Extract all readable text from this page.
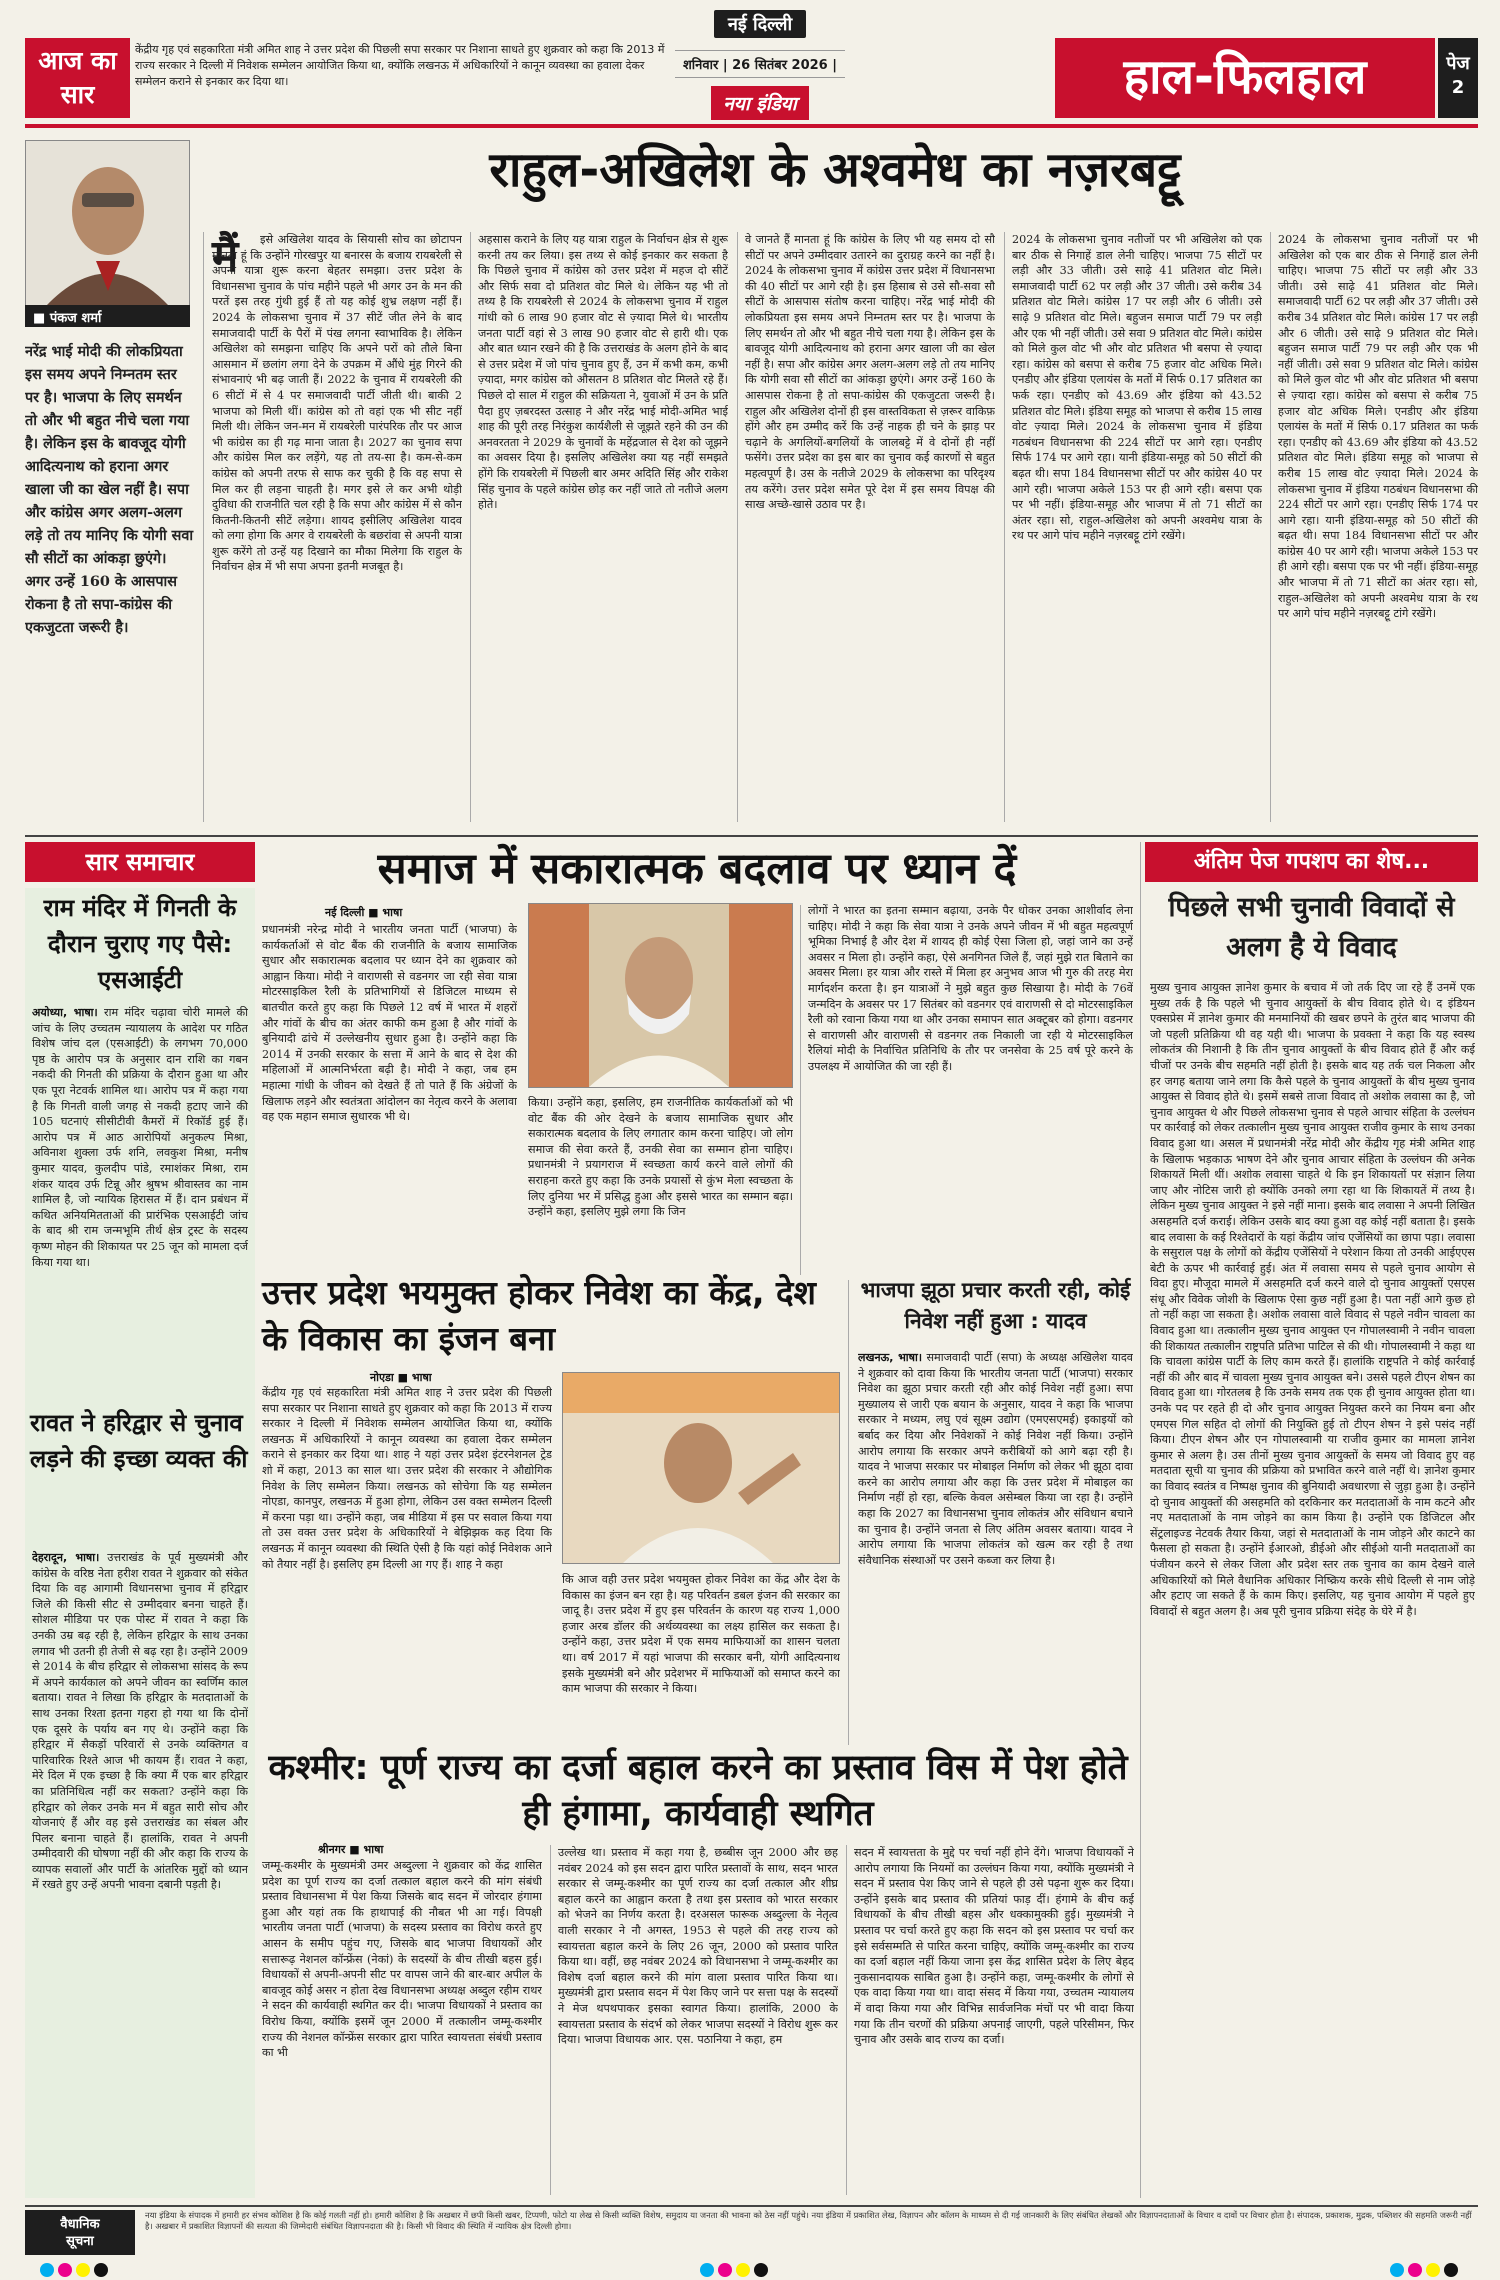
आज का
सार
केंद्रीय गृह एवं सहकारिता मंत्री अमित शाह ने उत्तर प्रदेश की पिछली सपा सरकार पर निशाना साधते हुए शुक्रवार को कहा कि 2013 में राज्य सरकार ने दिल्ली में निवेशक सम्मेलन आयोजित किया था, क्योंकि लखनऊ में अधिकारियों ने कानून व्यवस्था का हवाला देकर सम्मेलन कराने से इनकार कर दिया था।
नई दिल्ली
शनिवार | 26 सितंबर 2026 |
नया इंडिया	हाल-फिलहाल	पेज
2
राहुल-अखिलेश के अश्वमेध का नज़रबट्टू
■ पंकज शर्मा
नरेंद्र भाई मोदी की लोकप्रियता इस समय अपने निम्नतम स्तर पर है। भाजपा के लिए समर्थन तो और भी बहुत नीचे चला गया है। लेकिन इस के बावजूद योगी आदित्यनाथ को हराना अगर खाला जी का खेल नहीं है। सपा और कांग्रेस अगर अलग-अलग लड़े तो तय मानिए कि योगी सवा सौ सीटों का आंकड़ा छुएंगे। अगर उन्हें 160 के आसपास रोकना है तो सपा-कांग्रेस की एकजुटता जरूरी है।
मैं	इसे अखिलेश यादव के सियासी सोच का छोटापन मानता हूं कि उन्होंने गोरखपुर या बनारस के बजाय रायबरेली से अपनी यात्रा शुरू करना बेहतर समझा। उत्तर प्रदेश के विधानसभा चुनाव के पांच महीने पहले भी अगर उन के मन की परतें इस तरह गुंथी हुई हैं तो यह कोई शुभ्र लक्षण नहीं हैं। 2024 के लोकसभा चुनाव में 37 सीटें जीत लेने के बाद समाजवादी पार्टी के पैरों में पंख लगना स्वाभाविक है। लेकिन अखिलेश को समझना चाहिए कि अपने परों को तौले बिना आसमान में छलांग लगा देने के उपक्रम में औंधे मुंह गिरने की संभावनाएं भी बढ़ जाती हैं। 2022 के चुनाव में रायबरेली की 6 सीटों में से 4 पर समाजवादी पार्टी जीती थी। बाकी 2 भाजपा को मिली थीं। कांग्रेस को तो वहां एक भी सीट नहीं मिली थी। लेकिन जन-मन में रायबरेली पारंपरिक तौर पर आज भी कांग्रेस का ही गढ़ माना जाता है। 2027 का चुनाव सपा और कांग्रेस मिल कर लड़ेंगे, यह तो तय-सा है। कम-से-कम कांग्रेस को अपनी तरफ से साफ कर चुकी है कि वह सपा से मिल कर ही लड़ना चाहती है। मगर इसे ले कर अभी थोड़ी दुविधा की राजनीति चल रही है कि सपा और कांग्रेस में से कौन कितनी-कितनी सीटें लड़ेगा। शायद इसीलिए अखिलेश यादव को लगा होगा कि अगर वे रायबरेली के बछरांवा से अपनी यात्रा शुरू करेंगे तो उन्हें यह दिखाने का मौका मिलेगा कि राहुल के निर्वाचन क्षेत्र में भी सपा अपना इतनी मजबूत है।
अहसास कराने के लिए यह यात्रा राहुल के निर्वाचन क्षेत्र से शुरू करनी तय कर लिया। इस तथ्य से कोई इनकार कर सकता है कि पिछले चुनाव में कांग्रेस को उत्तर प्रदेश में महज दो सीटें और सिर्फ सवा दो प्रतिशत वोट मिले थे। लेकिन यह भी तो तथ्य है कि रायबरेली से 2024 के लोकसभा चुनाव में राहुल गांधी को 6 लाख 90 हजार वोट से ज़्यादा मिले थे। भारतीय जनता पार्टी वहां से 3 लाख 90 हजार वोट से हारी थी। एक और बात ध्यान रखने की है कि उत्तराखंड के अलग होने के बाद से उत्तर प्रदेश में जो पांच चुनाव हुए हैं, उन में कभी कम, कभी ज़्यादा, मगर कांग्रेस को औसतन 8 प्रतिशत वोट मिलते रहे हैं। पिछले दो साल में राहुल की सक्रियता ने, युवाओं में उन के प्रति पैदा हुए ज़बरदस्त उत्साह ने और नरेंद्र भाई मोदी-अमित भाई शाह की पूरी तरह निरंकुश कार्यशैली से जूझते रहने की उन की अनवरतता ने 2029 के चुनावों के महेंद्रजाल से देश को जूझने का अवसर दिया है। इसलिए अखिलेश क्या यह नहीं समझते होंगे कि रायबरेली में पिछली बार अमर अदिति सिंह और राकेश सिंह चुनाव के पहले कांग्रेस छोड़ कर नहीं जाते तो नतीजे अलग होते।
वे जानते हैं मानता हूं कि कांग्रेस के लिए भी यह समय दो सौ सीटों पर अपने उम्मीदवार उतारने का दुराग्रह करने का नहीं है। 2024 के लोकसभा चुनाव में कांग्रेस उत्तर प्रदेश में विधानसभा की 40 सीटों पर आगे रही है। इस हिसाब से उसे सौ-सवा सौ सीटों के आसपास संतोष करना चाहिए। नरेंद्र भाई मोदी की लोकप्रियता इस समय अपने निम्नतम स्तर पर है। भाजपा के लिए समर्थन तो और भी बहुत नीचे चला गया है। लेकिन इस के बावजूद योगी आदित्यनाथ को हराना अगर खाला जी का खेल नहीं है। सपा और कांग्रेस अगर अलग-अलग लड़े तो तय मानिए कि योगी सवा सौ सीटों का आंकड़ा छुएंगे। अगर उन्हें 160 के आसपास रोकना है तो सपा-कांग्रेस की एकजुटता जरूरी है। राहुल और अखिलेश दोनों ही इस वास्तविकता से ज़रूर वाकिफ़ होंगे और हम उम्मीद करें कि उन्हें नाहक ही चने के झाड़ पर चढ़ाने के अगलियों-बगलियों के जालबट्टे में वे दोनों ही नहीं फसेंगे। उत्तर प्रदेश का इस बार का चुनाव कई कारणों से बहुत महत्वपूर्ण है। उस के नतीजे 2029 के लोकसभा का परिदृश्य तय करेंगे। उत्तर प्रदेश समेत पूरे देश में इस समय विपक्ष की साख अच्छे-खासे उठाव पर है।
2024 के लोकसभा चुनाव नतीजों पर भी अखिलेश को एक बार ठीक से निगाहें डाल लेनी चाहिए। भाजपा 75 सीटों पर लड़ी और 33 जीती। उसे साढ़े 41 प्रतिशत वोट मिले। समाजवादी पार्टी 62 पर लड़ी और 37 जीती। उसे करीब 34 प्रतिशत वोट मिले। कांग्रेस 17 पर लड़ी और 6 जीती। उसे साढ़े 9 प्रतिशत वोट मिले। बहुजन समाज पार्टी 79 पर लड़ी और एक भी नहीं जीती। उसे सवा 9 प्रतिशत वोट मिले। कांग्रेस को मिले कुल वोट भी और वोट प्रतिशत भी बसपा से ज़्यादा रहा। कांग्रेस को बसपा से करीब 75 हजार वोट अधिक मिले। एनडीए और इंडिया एलायंस के मतों में सिर्फ 0.17 प्रतिशत का फर्क रहा। एनडीए को 43.69 और इंडिया को 43.52 प्रतिशत वोट मिले। इंडिया समूह को भाजपा से करीब 15 लाख वोट ज़्यादा मिले। 2024 के लोकसभा चुनाव में इंडिया गठबंधन विधानसभा की 224 सीटों पर आगे रहा। एनडीए सिर्फ 174 पर आगे रहा। यानी इंडिया-समूह को 50 सीटों की बढ़त थी। सपा 184 विधानसभा सीटों पर और कांग्रेस 40 पर आगे रही। भाजपा अकेले 153 पर ही आगे रही। बसपा एक पर भी नहीं। इंडिया-समूह और भाजपा में तो 71 सीटों का अंतर रहा। सो, राहुल-अखिलेश को अपनी अश्वमेध यात्रा के रथ पर आगे पांच महीने नज़रबट्टू टांगे रखेंगे।
2024 के लोकसभा चुनाव नतीजों पर भी अखिलेश को एक बार ठीक से निगाहें डाल लेनी चाहिए। भाजपा 75 सीटों पर लड़ी और 33 जीती। उसे साढ़े 41 प्रतिशत वोट मिले। समाजवादी पार्टी 62 पर लड़ी और 37 जीती। उसे करीब 34 प्रतिशत वोट मिले। कांग्रेस 17 पर लड़ी और 6 जीती। उसे साढ़े 9 प्रतिशत वोट मिले। बहुजन समाज पार्टी 79 पर लड़ी और एक भी नहीं जीती। उसे सवा 9 प्रतिशत वोट मिले। कांग्रेस को मिले कुल वोट भी और वोट प्रतिशत भी बसपा से ज़्यादा रहा। कांग्रेस को बसपा से करीब 75 हजार वोट अधिक मिले। एनडीए और इंडिया एलायंस के मतों में सिर्फ 0.17 प्रतिशत का फर्क रहा। एनडीए को 43.69 और इंडिया को 43.52 प्रतिशत वोट मिले। इंडिया समूह को भाजपा से करीब 15 लाख वोट ज़्यादा मिले। 2024 के लोकसभा चुनाव में इंडिया गठबंधन विधानसभा की 224 सीटों पर आगे रहा। एनडीए सिर्फ 174 पर आगे रहा। यानी इंडिया-समूह को 50 सीटों की बढ़त थी। सपा 184 विधानसभा सीटों पर और कांग्रेस 40 पर आगे रही। भाजपा अकेले 153 पर ही आगे रही। बसपा एक पर भी नहीं। इंडिया-समूह और भाजपा में तो 71 सीटों का अंतर रहा। सो, राहुल-अखिलेश को अपनी अश्वमेध यात्रा के रथ पर आगे पांच महीने नज़रबट्टू टांगे रखेंगे।
सार समाचार
राम मंदिर में गिनती के दौरान चुराए गए पैसे: एसआईटी
अयोध्या, भाषा। राम मंदिर चढ़ावा चोरी मामले की जांच के लिए उच्चतम न्यायालय के आदेश पर गठित विशेष जांच दल (एसआईटी) के लगभग 70,000 पृष्ठ के आरोप पत्र के अनुसार दान राशि का गबन नकदी की गिनती की प्रक्रिया के दौरान हुआ था और एक पूरा नेटवर्क शामिल था। आरोप पत्र में कहा गया है कि गिनती वाली जगह से नकदी हटाए जाने की 105 घटनाएं सीसीटीवी कैमरों में रिकॉर्ड हुई हैं। आरोप पत्र में आठ आरोपियों अनुकल्प मिश्रा, अविनाश शुक्ला उर्फ शनि, लवकुश मिश्रा, मनीष कुमार यादव, कुलदीप पांडे, रमाशंकर मिश्रा, राम शंकर यादव उर्फ टिन्नू और श्रुषभ श्रीवास्तव का नाम शामिल है, जो न्यायिक हिरासत में हैं। दान प्रबंधन में कथित अनियमितताओं की प्रारंभिक एसआईटी जांच के बाद श्री राम जन्मभूमि तीर्थ क्षेत्र ट्रस्ट के सदस्य कृष्ण मोहन की शिकायत पर 25 जून को मामला दर्ज किया गया था।
रावत ने हरिद्वार से चुनाव लड़ने की इच्छा व्यक्त की
देहरादून, भाषा। उत्तराखंड के पूर्व मुख्यमंत्री और कांग्रेस के वरिष्ठ नेता हरीश रावत ने शुक्रवार को संकेत दिया कि वह आगामी विधानसभा चुनाव में हरिद्वार जिले की किसी सीट से उम्मीदवार बनना चाहते हैं। सोशल मीडिया पर एक पोस्ट में रावत ने कहा कि उनकी उम्र बढ़ रही है, लेकिन हरिद्वार के साथ उनका लगाव भी उतनी ही तेजी से बढ़ रहा है। उन्होंने 2009 से 2014 के बीच हरिद्वार से लोकसभा सांसद के रूप में अपने कार्यकाल को अपने जीवन का स्वर्णिम काल बताया। रावत ने लिखा कि हरिद्वार के मतदाताओं के साथ उनका रिश्ता इतना गहरा हो गया था कि दोनों एक दूसरे के पर्याय बन गए थे। उन्होंने कहा कि हरिद्वार में सैकड़ों परिवारों से उनके व्यक्तिगत व पारिवारिक रिश्ते आज भी कायम हैं। रावत ने कहा, मेरे दिल में एक इच्छा है कि क्या मैं एक बार हरिद्वार का प्रतिनिधित्व नहीं कर सकता? उन्होंने कहा कि हरिद्वार को लेकर उनके मन में बहुत सारी सोच और योजनाएं हैं और वह इसे उत्तराखंड का संबल और पिलर बनाना चाहते हैं। हालांकि, रावत ने अपनी उम्मीदवारी की घोषणा नहीं की और कहा कि राज्य के व्यापक सवालों और पार्टी के आंतरिक मुद्दों को ध्यान में रखते हुए उन्हें अपनी भावना दबानी पड़ती है।
समाज में सकारात्मक बदलाव पर ध्यान दें
नई दिल्ली ■ भाषा
प्रधानमंत्री नरेन्द्र मोदी ने भारतीय जनता पार्टी (भाजपा) के कार्यकर्ताओं से वोट बैंक की राजनीति के बजाय सामाजिक सुधार और सकारात्मक बदलाव पर ध्यान देने का शुक्रवार को आह्वान किया। मोदी ने वाराणसी से वडनगर जा रही सेवा यात्रा मोटरसाइकिल रैली के प्रतिभागियों से डिजिटल माध्यम से बातचीत करते हुए कहा कि पिछले 12 वर्ष में भारत में शहरों और गांवों के बीच का अंतर काफी कम हुआ है और गांवों के बुनियादी ढांचे में उल्लेखनीय सुधार हुआ है। उन्होंने कहा कि 2014 में उनकी सरकार के सत्ता में आने के बाद से देश की महिलाओं में आत्मनिर्भरता बढ़ी है। मोदी ने कहा, जब हम महात्मा गांधी के जीवन को देखते हैं तो पाते हैं कि अंग्रेजों के खिलाफ लड़ने और स्वतंत्रता आंदोलन का नेतृत्व करने के अलावा वह एक महान समाज सुधारक भी थे।
किया। उन्होंने कहा, इसलिए, हम राजनीतिक कार्यकर्ताओं को भी वोट बैंक की ओर देखने के बजाय सामाजिक सुधार और सकारात्मक बदलाव के लिए लगातार काम करना चाहिए। जो लोग समाज की सेवा करते हैं, उनकी सेवा का सम्मान होना चाहिए। प्रधानमंत्री ने प्रयागराज में स्वच्छता कार्य करने वाले लोगों की सराहना करते हुए कहा कि उनके प्रयासों से कुंभ मेला स्वच्छता के लिए दुनिया भर में प्रसिद्ध हुआ और इससे भारत का सम्मान बढ़ा। उन्होंने कहा, इसलिए मुझे लगा कि जिन
लोगों ने भारत का इतना सम्मान बढ़ाया, उनके पैर धोकर उनका आशीर्वाद लेना चाहिए। मोदी ने कहा कि सेवा यात्रा ने उनके अपने जीवन में भी बहुत महत्वपूर्ण भूमिका निभाई है और देश में शायद ही कोई ऐसा जिला हो, जहां जाने का उन्हें अवसर न मिला हो। उन्होंने कहा, ऐसे अनगिनत जिले हैं, जहां मुझे रात बिताने का अवसर मिला। हर यात्रा और रास्ते में मिला हर अनुभव आज भी गुरु की तरह मेरा मार्गदर्शन करता है। इन यात्राओं ने मुझे बहुत कुछ सिखाया है। मोदी के 76वें जन्मदिन के अवसर पर 17 सितंबर को वडनगर एवं वाराणसी से दो मोटरसाइकिल रैली को रवाना किया गया था और उनका समापन सात अक्टूबर को होगा। वडनगर से वाराणसी और वाराणसी से वडनगर तक निकाली जा रही ये मोटरसाइकिल रैलियां मोदी के निर्वाचित प्रतिनिधि के तौर पर जनसेवा के 25 वर्ष पूरे करने के उपलक्ष्य में आयोजित की जा रही हैं।
उत्तर प्रदेश भयमुक्त होकर निवेश का केंद्र, देश के विकास का इंजन बना
नोएडा ■ भाषा
केंद्रीय गृह एवं सहकारिता मंत्री अमित शाह ने उत्तर प्रदेश की पिछली सपा सरकार पर निशाना साधते हुए शुक्रवार को कहा कि 2013 में राज्य सरकार ने दिल्ली में निवेशक सम्मेलन आयोजित किया था, क्योंकि लखनऊ में अधिकारियों ने कानून व्यवस्था का हवाला देकर सम्मेलन कराने से इनकार कर दिया था। शाह ने यहां उत्तर प्रदेश इंटरनेशनल ट्रेड शो में कहा, 2013 का साल था। उत्तर प्रदेश की सरकार ने औद्योगिक निवेश के लिए सम्मेलन किया। लखनऊ को सोचेगा कि यह सम्मेलन नोएडा, कानपुर, लखनऊ में हुआ होगा, लेकिन उस वक्त सम्मेलन दिल्ली में करना पड़ा था। उन्होंने कहा, जब मीडिया में इस पर सवाल किया गया तो उस वक्त उत्तर प्रदेश के अधिकारियों ने बेझिझक कह दिया कि लखनऊ में कानून व्यवस्था की स्थिति ऐसी है कि यहां कोई निवेशक आने को तैयार नहीं है। इसलिए हम दिल्ली आ गए हैं। शाह ने कहा
कि आज वही उत्तर प्रदेश भयमुक्त होकर निवेश का केंद्र और देश के विकास का इंजन बन रहा है। यह परिवर्तन डबल इंजन की सरकार का जादू है। उत्तर प्रदेश में हुए इस परिवर्तन के कारण यह राज्य 1,000 हजार अरब डॉलर की अर्थव्यवस्था का लक्ष्य हासिल कर सकता है। उन्होंने कहा, उत्तर प्रदेश में एक समय माफियाओं का शासन चलता था। वर्ष 2017 में यहां भाजपा की सरकार बनी, योगी आदित्यनाथ इसके मुख्यमंत्री बने और प्रदेशभर में माफियाओं को समाप्त करने का काम भाजपा की सरकार ने किया।
भाजपा झूठा प्रचार करती रही, कोई निवेश नहीं हुआ : यादव
लखनऊ, भाषा। समाजवादी पार्टी (सपा) के अध्यक्ष अखिलेश यादव ने शुक्रवार को दावा किया कि भारतीय जनता पार्टी (भाजपा) सरकार निवेश का झूठा प्रचार करती रही और कोई निवेश नहीं हुआ। सपा मुख्यालय से जारी एक बयान के अनुसार, यादव ने कहा कि भाजपा सरकार ने मध्यम, लघु एवं सूक्ष्म उद्योग (एमएसएमई) इकाइयों को बर्बाद कर दिया और निवेशकों ने कोई निवेश नहीं किया। उन्होंने आरोप लगाया कि सरकार अपने करीबियों को आगे बढ़ा रही है। यादव ने भाजपा सरकार पर मोबाइल निर्माण को लेकर भी झूठा दावा करने का आरोप लगाया और कहा कि उत्तर प्रदेश में मोबाइल का निर्माण नहीं हो रहा, बल्कि केवल असेम्बल किया जा रहा है। उन्होंने कहा कि 2027 का विधानसभा चुनाव लोकतंत्र और संविधान बचाने का चुनाव है। उन्होंने जनता से लिए अंतिम अवसर बताया। यादव ने आरोप लगाया कि भाजपा लोकतंत्र को खत्म कर रही है तथा संवैधानिक संस्थाओं पर उसने कब्जा कर लिया है।
कश्मीर: पूर्ण राज्य का दर्जा बहाल करने का प्रस्ताव विस में पेश होते ही हंगामा, कार्यवाही स्थगित
श्रीनगर ■ भाषा
जम्मू-कश्मीर के मुख्यमंत्री उमर अब्दुल्ला ने शुक्रवार को केंद्र शासित प्रदेश का पूर्ण राज्य का दर्जा तत्काल बहाल करने की मांग संबंधी प्रस्ताव विधानसभा में पेश किया जिसके बाद सदन में जोरदार हंगामा हुआ और यहां तक कि हाथापाई की नौबत भी आ गई। विपक्षी भारतीय जनता पार्टी (भाजपा) के सदस्य प्रस्ताव का विरोध करते हुए आसन के समीप पहुंच गए, जिसके बाद भाजपा विधायकों और सत्तारूढ़ नेशनल कॉन्फ्रेंस (नेकां) के सदस्यों के बीच तीखी बहस हुई। विधायकों से अपनी-अपनी सीट पर वापस जाने की बार-बार अपील के बावजूद कोई असर न होता देख विधानसभा अध्यक्ष अब्दुल रहीम राथर ने सदन की कार्यवाही स्थगित कर दी। भाजपा विधायकों ने प्रस्ताव का विरोध किया, क्योंकि इसमें जून 2000 में तत्कालीन जम्मू-कश्मीर राज्य की नेशनल कॉन्फ्रेंस सरकार द्वारा पारित स्वायत्तता संबंधी प्रस्ताव का भी
उल्लेख था। प्रस्ताव में कहा गया है, छब्बीस जून 2000 और छह नवंबर 2024 को इस सदन द्वारा पारित प्रस्तावों के साथ, सदन भारत सरकार से जम्मू-कश्मीर का पूर्ण राज्य का दर्जा तत्काल और शीघ्र बहाल करने का आह्वान करता है तथा इस प्रस्ताव को भारत सरकार को भेजने का निर्णय करता है। दरअसल फारूक अब्दुल्ला के नेतृत्व वाली सरकार ने नौ अगस्त, 1953 से पहले की तरह राज्य को स्वायत्तता बहाल करने के लिए 26 जून, 2000 को प्रस्ताव पारित किया था। वहीं, छह नवंबर 2024 को विधानसभा ने जम्मू-कश्मीर का विशेष दर्जा बहाल करने की मांग वाला प्रस्ताव पारित किया था। मुख्यमंत्री द्वारा प्रस्ताव सदन में पेश किए जाने पर सत्ता पक्ष के सदस्यों ने मेज थपथपाकर इसका स्वागत किया। हालांकि, 2000 के स्वायत्तता प्रस्ताव के संदर्भ को लेकर भाजपा सदस्यों ने विरोध शुरू कर दिया। भाजपा विधायक आर. एस. पठानिया ने कहा, हम
सदन में स्वायत्तता के मुद्दे पर चर्चा नहीं होने देंगे। भाजपा विधायकों ने आरोप लगाया कि नियमों का उल्लंघन किया गया, क्योंकि मुख्यमंत्री ने सदन में प्रस्ताव पेश किए जाने से पहले ही उसे पढ़ना शुरू कर दिया। उन्होंने इसके बाद प्रस्ताव की प्रतियां फाड़ दीं। हंगामे के बीच कई विधायकों के बीच तीखी बहस और धक्कामुक्की हुई। मुख्यमंत्री ने प्रस्ताव पर चर्चा करते हुए कहा कि सदन को इस प्रस्ताव पर चर्चा कर इसे सर्वसम्मति से पारित करना चाहिए, क्योंकि जम्मू-कश्मीर का राज्य का दर्जा बहाल नहीं किया जाना इस केंद्र शासित प्रदेश के लिए बेहद नुकसानदायक साबित हुआ है। उन्होंने कहा, जम्मू-कश्मीर के लोगों से एक वादा किया गया था। वादा संसद में किया गया, उच्चतम न्यायालय में वादा किया गया और विभिन्न सार्वजनिक मंचों पर भी वादा किया गया कि तीन चरणों की प्रक्रिया अपनाई जाएगी, पहले परिसीमन, फिर चुनाव और उसके बाद राज्य का दर्जा।
अंतिम पेज गपशप का शेष...
पिछले सभी चुनावी विवादों से अलग है ये विवाद
मुख्य चुनाव आयुक्त ज्ञानेश कुमार के बचाव में जो तर्क दिए जा रहे हैं उनमें एक मुख्य तर्क है कि पहले भी चुनाव आयुक्तों के बीच विवाद होते थे। द इंडियन एक्सप्रेस में ज्ञानेश कुमार की मनमानियों की खबर छपने के तुरंत बाद भाजपा की जो पहली प्रतिक्रिया थी वह यही थी। भाजपा के प्रवक्ता ने कहा कि यह स्वस्थ लोकतंत्र की निशानी है कि तीन चुनाव आयुक्तों के बीच विवाद होते हैं और कई चीजों पर उनके बीच सहमति नहीं होती है। इसके बाद यह तर्क चल निकला और हर जगह बताया जाने लगा कि कैसे पहले के चुनाव आयुक्तों के बीच मुख्य चुनाव आयुक्त से विवाद होते थे। इसमें सबसे ताजा विवाद तो अशोक लवासा का है, जो चुनाव आयुक्त थे और पिछले लोकसभा चुनाव से पहले आचार संहिता के उल्लंघन पर कार्रवाई को लेकर तत्कालीन मुख्य चुनाव आयुक्त राजीव कुमार के साथ उनका विवाद हुआ था। असल में प्रधानमंत्री नरेंद्र मोदी और केंद्रीय गृह मंत्री अमित शाह के खिलाफ भड़काऊ भाषण देने और चुनाव आचार संहिता के उल्लंघन की अनेक शिकायतें मिली थीं। अशोक लवासा चाहते थे कि इन शिकायतों पर संज्ञान लिया जाए और नोटिस जारी हो क्योंकि उनको लगा रहा था कि शिकायतें में तथ्य है। लेकिन मुख्य चुनाव आयुक्त ने इसे नहीं माना। इसके बाद लवासा ने अपनी लिखित असहमति दर्ज कराई। लेकिन उसके बाद क्या हुआ वह कोई नहीं बताता है। इसके बाद लवासा के कई रिश्तेदारों के यहां केंद्रीय जांच एजेंसियों का छापा पड़ा। लवासा के ससुराल पक्ष के लोगों को केंद्रीय एजेंसियों ने परेशान किया तो उनकी आईएएस बेटी के ऊपर भी कार्रवाई हुई। अंत में लवासा समय से पहले चुनाव आयोग से विदा हुए। मौजूदा मामले में असहमति दर्ज करने वाले दो चुनाव आयुक्तों एसएस संधू और विवेक जोशी के खिलाफ ऐसा कुछ नहीं हुआ है। पता नहीं आगे कुछ हो तो नहीं कहा जा सकता है। अशोक लवासा वाले विवाद से पहले नवीन चावला का विवाद हुआ था। तत्कालीन मुख्य चुनाव आयुक्त एन गोपालस्वामी ने नवीन चावला की शिकायत तत्कालीन राष्ट्रपति प्रतिभा पाटिल से की थी। गोपालस्वामी ने कहा था कि चावला कांग्रेस पार्टी के लिए काम करते हैं। हालांकि राष्ट्रपति ने कोई कार्रवाई नहीं की और बाद में चावला मुख्य चुनाव आयुक्त बने। उससे पहले टीएन शेषन का विवाद हुआ था। गोरतलब है कि उनके समय तक एक ही चुनाव आयुक्त होता था। उनके पद पर रहते ही दो और चुनाव आयुक्त नियुक्त करने का नियम बना और एमएस गिल सहित दो लोगों की नियुक्ति हुई तो टीएन शेषन ने इसे पसंद नहीं किया। टीएन शेषन और एन गोपालस्वामी या राजीव कुमार का मामला ज्ञानेश कुमार से अलग है। उस तीनों मुख्य चुनाव आयुक्तों के समय जो विवाद हुए वह मतदाता सूची या चुनाव की प्रक्रिया को प्रभावित करने वाले नहीं थे। ज्ञानेश कुमार का विवाद स्वतंत्र व निष्पक्ष चुनाव की बुनियादी अवधारणा से जुड़ा हुआ है। उन्होंने दो चुनाव आयुक्तों की असहमति को दरकिनार कर मतदाताओं के नाम कटने और नए मतदाताओं के नाम जोड़ने का काम किया है। उन्होंने एक डिजिटल और सेंट्रलाइज्ड नेटवर्क तैयार किया, जहां से मतदाताओं के नाम जोड़ने और काटने का फैसला हो सकता है। उन्होंने ईआरओ, डीईओ और सीईओ यानी मतदाताओं का पंजीयन करने से लेकर जिला और प्रदेश स्तर तक चुनाव का काम देखने वाले अधिकारियों को मिले वैधानिक अधिकार निष्क्रिय करके सीधे दिल्ली से नाम जोड़े और हटाए जा सकते हैं के काम किए। इसलिए, यह चुनाव आयोग में पहले हुए विवादों से बहुत अलग है। अब पूरी चुनाव प्रक्रिया संदेह के घेरे में है।
वैधानिक
सूचना
नया इंडिया के संपादक में हमारी हर संभव कोशिश है कि कोई गलती नहीं हो। हमारी कोशिश है कि अखबार में छपी किसी खबर, टिप्पणी, फोटो या लेख से किसी व्यक्ति विशेष, समुदाय या जनता की भावना को ठेस नहीं पहुंचे। नया इंडिया में प्रकाशित लेख, विज्ञापन और कॉलम के माध्यम से दी गई जानकारी के लिए संबंधित लेखकों और विज्ञापनदाताओं के विचार व दावों पर विचार होता है। संपादक, प्रकाशक, मुद्रक, पब्लिशर की सहमति जरूरी नहीं है। अखबार में प्रकाशित विज्ञापनों की सत्यता की जिम्मेदारी संबंधित विज्ञापनदाता की है। किसी भी विवाद की स्थिति में न्यायिक क्षेत्र दिल्ली होगा।
